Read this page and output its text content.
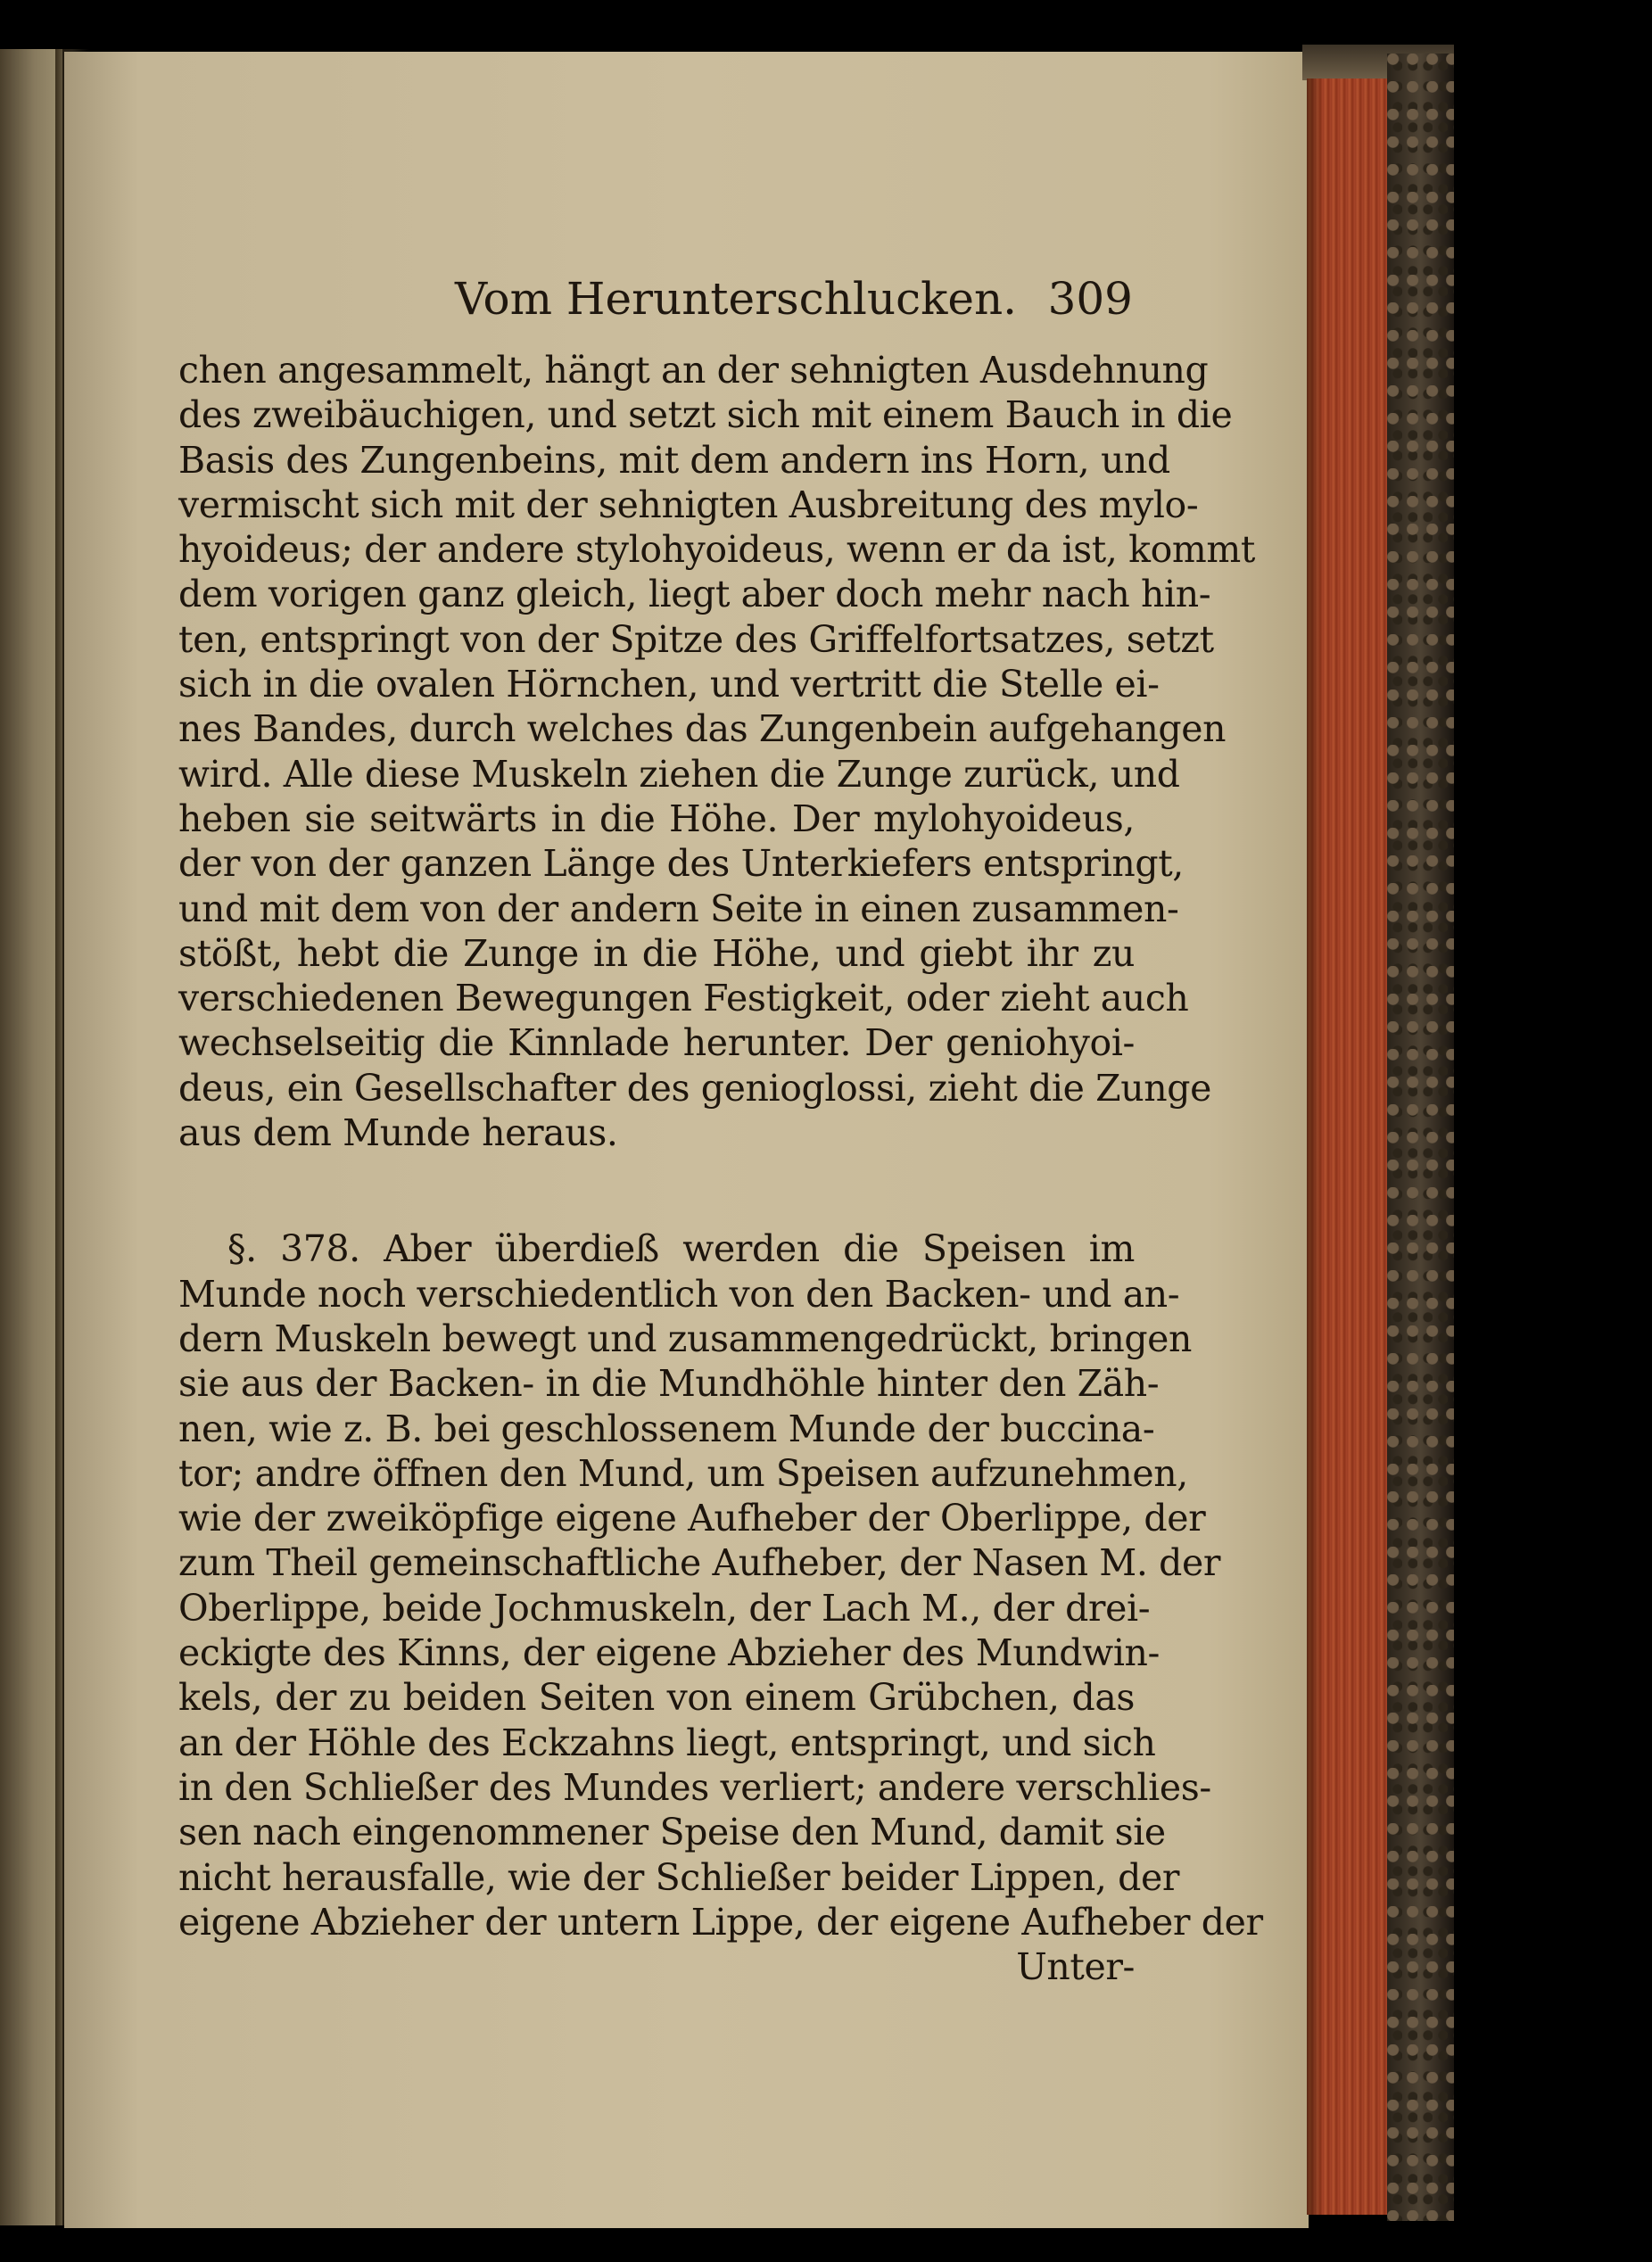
Vom Herunterschlucken. 309
chen angesammelt, hängt an der sehnigten Ausdehnung
des zweibäuchigen, und setzt sich mit einem Bauch in die
Basis des Zungenbeins, mit dem andern ins Horn, und
vermischt sich mit der sehnigten Ausbreitung des mylo-
hyoideus; der andere stylohyoideus, wenn er da ist, kommt
dem vorigen ganz gleich, liegt aber doch mehr nach hin-
ten, entspringt von der Spitze des Griffelfortsatzes, setzt
sich in die ovalen Hörnchen, und vertritt die Stelle ei-
nes Bandes, durch welches das Zungenbein aufgehangen
wird. Alle diese Muskeln ziehen die Zunge zurück, und
heben sie seitwärts in die Höhe. Der mylohyoideus,
der von der ganzen Länge des Unterkiefers entspringt,
und mit dem von der andern Seite in einen zusammen-
stößt, hebt die Zunge in die Höhe, und giebt ihr zu
verschiedenen Bewegungen Festigkeit, oder zieht auch
wechselseitig die Kinnlade herunter. Der geniohyoi-
deus, ein Gesellschafter des genioglossi, zieht die Zunge
aus dem Munde heraus.
§. 378. Aber überdieß werden die Speisen im
Munde noch verschiedentlich von den Backen- und an-
dern Muskeln bewegt und zusammengedrückt, bringen
sie aus der Backen- in die Mundhöhle hinter den Zäh-
nen, wie z. B. bei geschlossenem Munde der buccina-
tor; andre öffnen den Mund, um Speisen aufzunehmen,
wie der zweiköpfige eigene Aufheber der Oberlippe, der
zum Theil gemeinschaftliche Aufheber, der Nasen M. der
Oberlippe, beide Jochmuskeln, der Lach M., der drei-
eckigte des Kinns, der eigene Abzieher des Mundwin-
kels, der zu beiden Seiten von einem Grübchen, das
an der Höhle des Eckzahns liegt, entspringt, und sich
in den Schließer des Mundes verliert; andere verschlies-
sen nach eingenommener Speise den Mund, damit sie
nicht herausfalle, wie der Schließer beider Lippen, der
eigene Abzieher der untern Lippe, der eigene Aufheber der
Unter-
